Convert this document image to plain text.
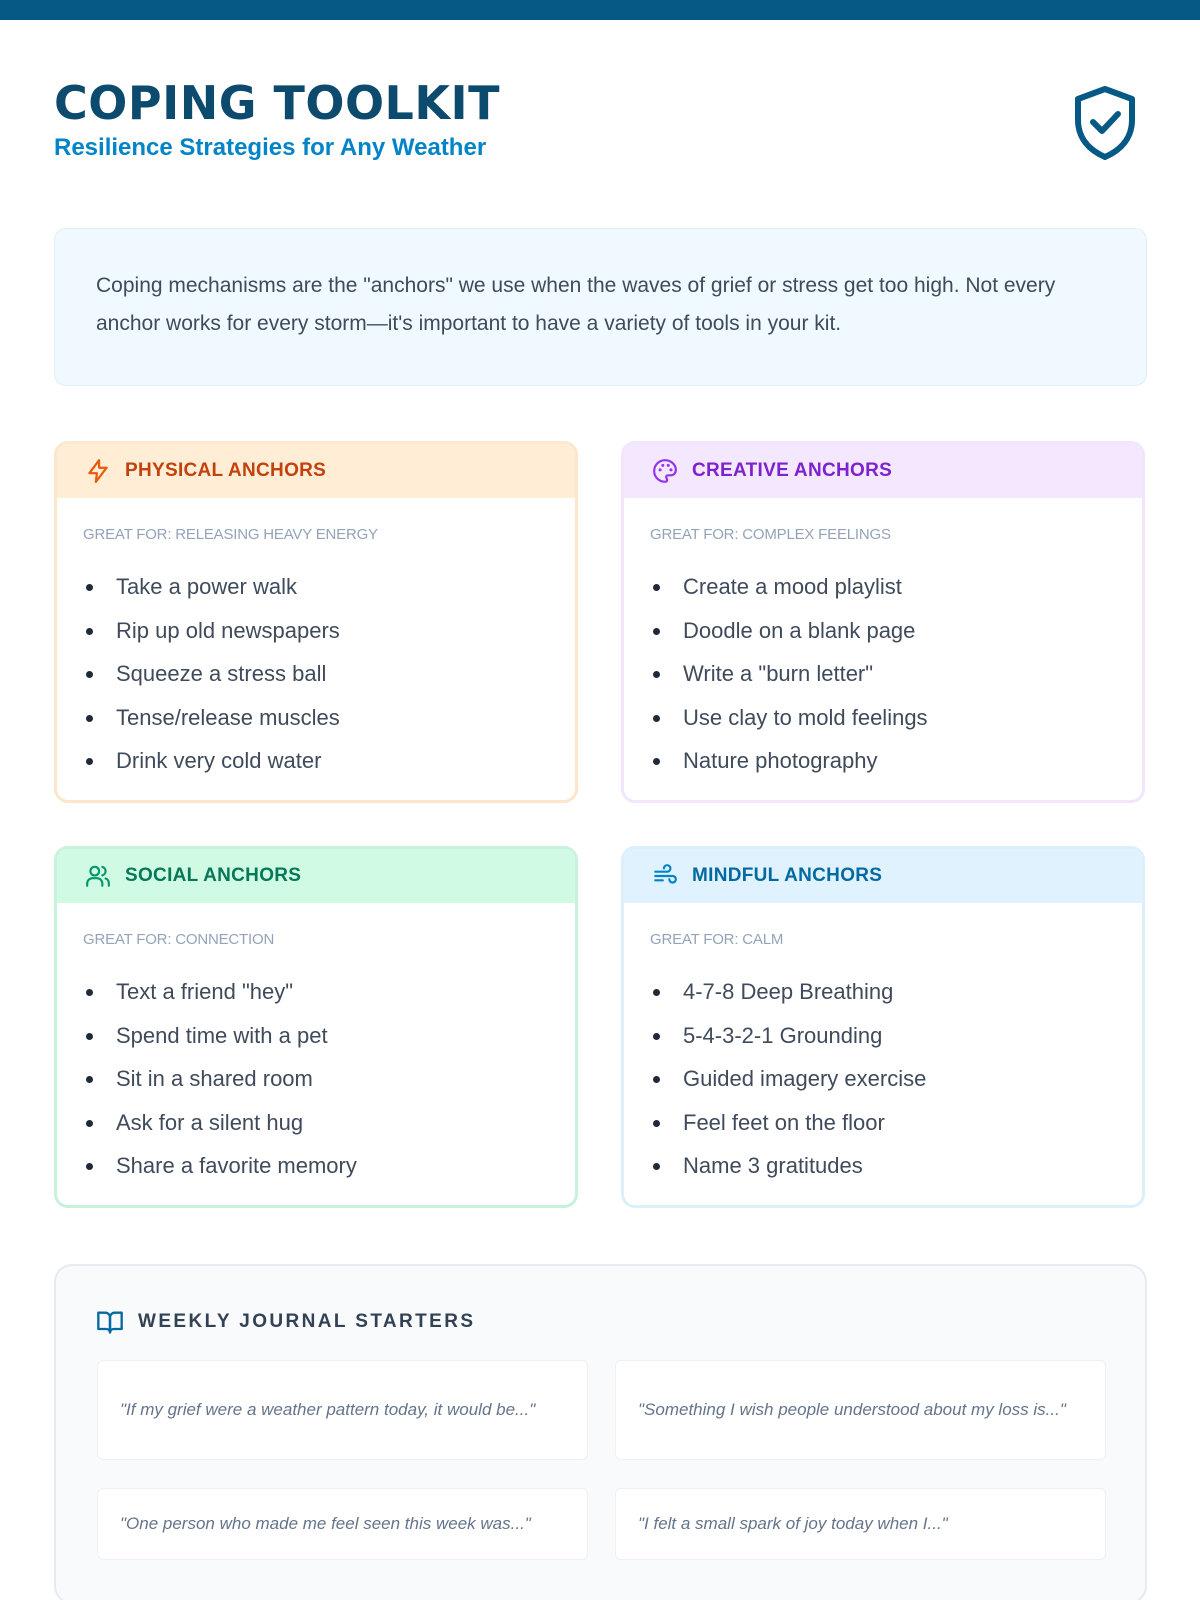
COPING TOOLKIT
Resilience Strategies for Any Weather

Coping mechanisms are the "anchors" we use when the waves of grief or stress get too high. Not every anchor works for every storm—it's important to have a variety of tools in your kit.

PHYSICAL ANCHORS
GREAT FOR: RELEASING HEAVY ENERGY
Take a power walk
Rip up old newspapers
Squeeze a stress ball
Tense/release muscles
Drink very cold water
CREATIVE ANCHORS
GREAT FOR: COMPLEX FEELINGS
Create a mood playlist
Doodle on a blank page
Write a "burn letter"
Use clay to mold feelings
Nature photography
SOCIAL ANCHORS
GREAT FOR: CONNECTION
Text a friend "hey"
Spend time with a pet
Sit in a shared room
Ask for a silent hug
Share a favorite memory
MINDFUL ANCHORS
GREAT FOR: CALM
4-7-8 Deep Breathing
5-4-3-2-1 Grounding
Guided imagery exercise
Feel feet on the floor
Name 3 gratitudes
WEEKLY JOURNAL STARTERS
"If my grief were a weather pattern today, it would be..."	"Something I wish people understood about my loss is..."
"One person who made me feel seen this week was..."	"I felt a small spark of joy today when I..."
